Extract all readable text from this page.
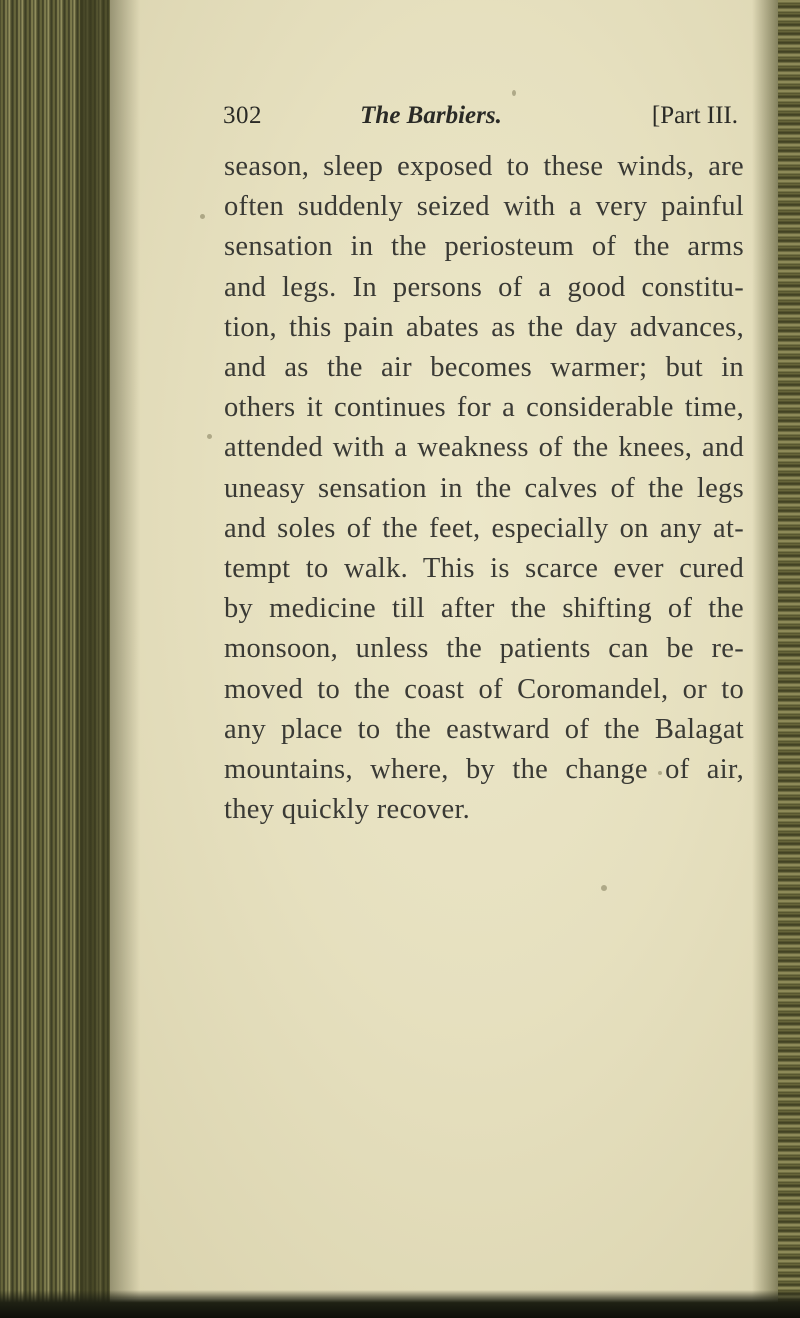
302	The Barbiers.	[Part III.
season, sleep exposed to these winds, are
often suddenly seized with a very painful
sensation in the periosteum of the arms
and legs. In persons of a good constitu-
tion, this pain abates as the day advances,
and as the air becomes warmer; but in
others it continues for a considerable time,
attended with a weakness of the knees, and
uneasy sensation in the calves of the legs
and soles of the feet, especially on any at-
tempt to walk. This is scarce ever cured
by medicine till after the shifting of the
monsoon, unless the patients can be re-
moved to the coast of Coromandel, or to
any place to the eastward of the Balagat
mountains, where, by the change of air,
they quickly recover.
